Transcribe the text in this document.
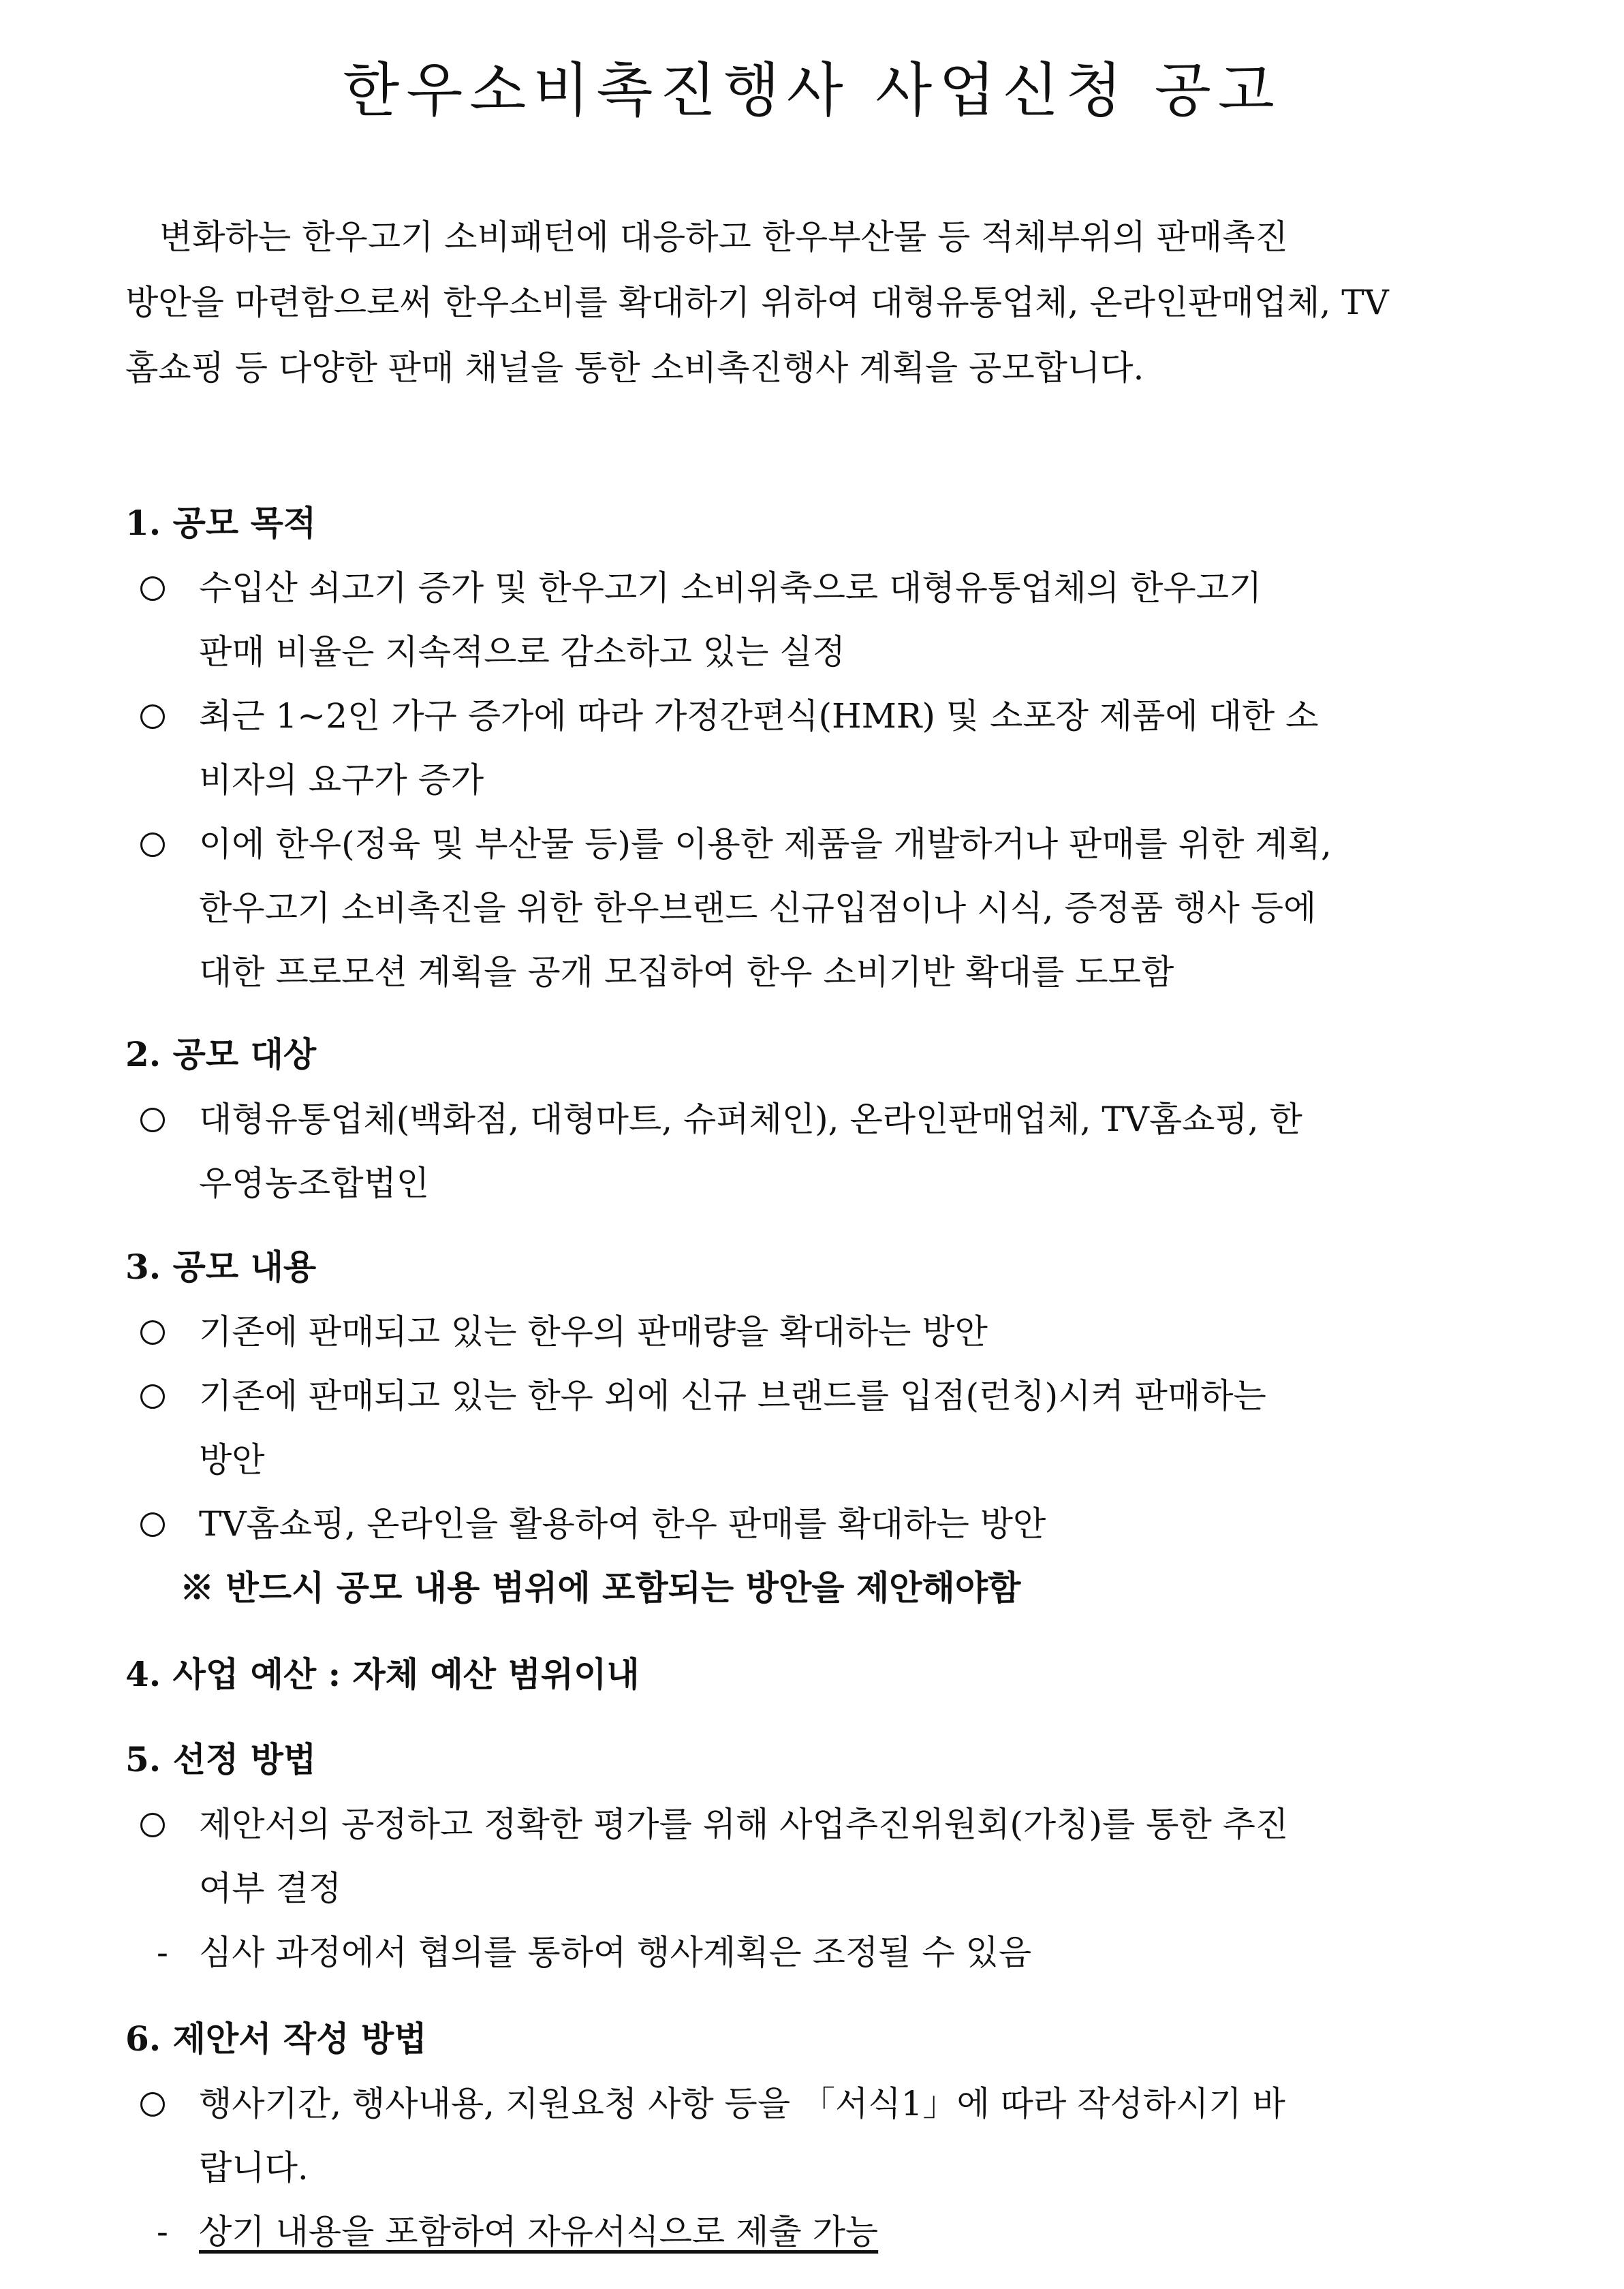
한우소비촉진행사 사업신청 공고
변화하는 한우고기 소비패턴에 대응하고 한우부산물 등 적체부위의 판매촉진
방안을 마련함으로써 한우소비를 확대하기 위하여 대형유통업체, 온라인판매업체, TV
홈쇼핑 등 다양한 판매 채널을 통한 소비촉진행사 계획을 공모합니다.
1. 공모 목적
수입산 쇠고기 증가 및 한우고기 소비위축으로 대형유통업체의 한우고기
판매 비율은 지속적으로 감소하고 있는 실정
최근 1~2인 가구 증가에 따라 가정간편식(HMR) 및 소포장 제품에 대한 소
비자의 요구가 증가
이에 한우(정육 및 부산물 등)를 이용한 제품을 개발하거나 판매를 위한 계획,
한우고기 소비촉진을 위한 한우브랜드 신규입점이나 시식, 증정품 행사 등에
대한 프로모션 계획을 공개 모집하여 한우 소비기반 확대를 도모함
2. 공모 대상
대형유통업체(백화점, 대형마트, 슈퍼체인), 온라인판매업체, TV홈쇼핑, 한
우영농조합법인
3. 공모 내용
기존에 판매되고 있는 한우의 판매량을 확대하는 방안
기존에 판매되고 있는 한우 외에 신규 브랜드를 입점(런칭)시켜 판매하는
방안
TV홈쇼핑, 온라인을 활용하여 한우 판매를 확대하는 방안
※ 반드시 공모 내용 범위에 포함되는 방안을 제안해야함
4. 사업 예산 : 자체 예산 범위이내
5. 선정 방법
제안서의 공정하고 정확한 평가를 위해 사업추진위원회(가칭)를 통한 추진
여부 결정
- 심사 과정에서 협의를 통하여 행사계획은 조정될 수 있음
6. 제안서 작성 방법
행사기간, 행사내용, 지원요청 사항 등을 「서식1」에 따라 작성하시기 바
랍니다.
- 상기 내용을 포함하여 자유서식으로 제출 가능
